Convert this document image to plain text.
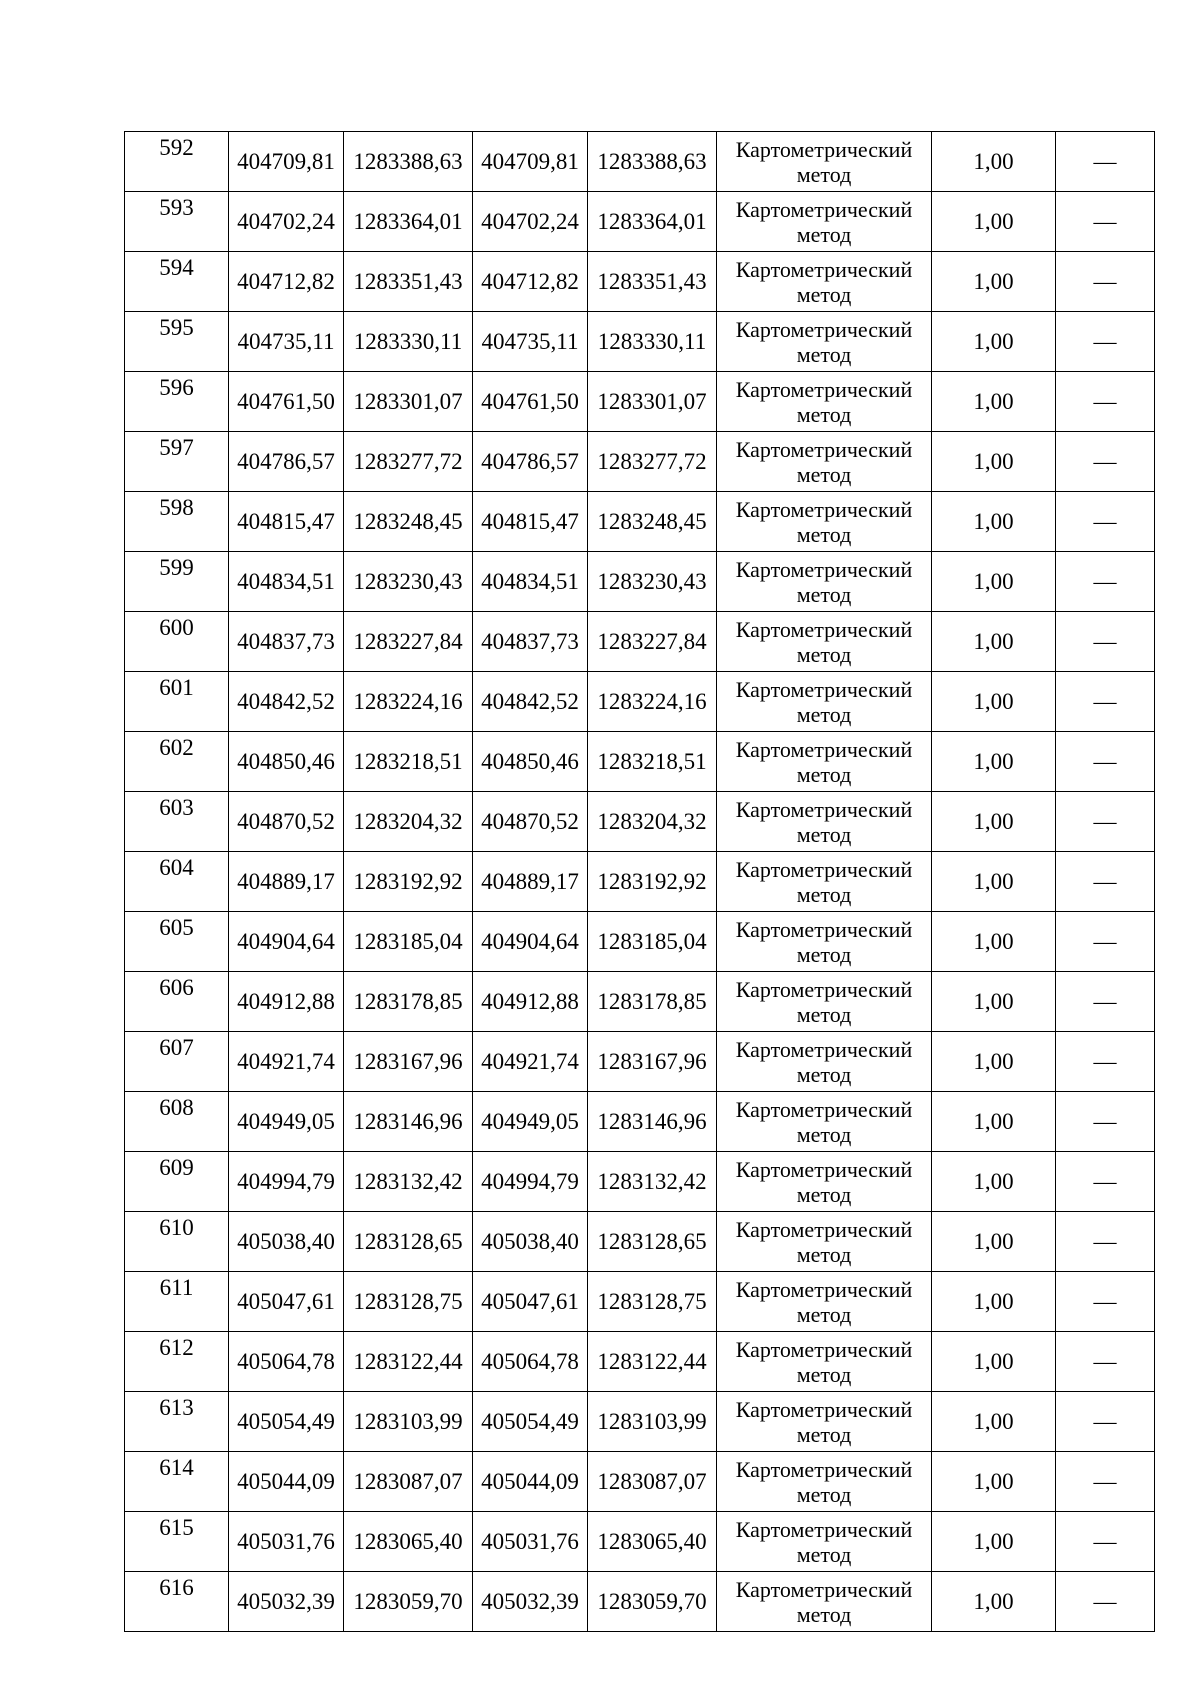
592	404709,81	1283388,63	404709,81	1283388,63	Картометрический метод	1,00	—
593	404702,24	1283364,01	404702,24	1283364,01	Картометрический метод	1,00	—
594	404712,82	1283351,43	404712,82	1283351,43	Картометрический метод	1,00	—
595	404735,11	1283330,11	404735,11	1283330,11	Картометрический метод	1,00	—
596	404761,50	1283301,07	404761,50	1283301,07	Картометрический метод	1,00	—
597	404786,57	1283277,72	404786,57	1283277,72	Картометрический метод	1,00	—
598	404815,47	1283248,45	404815,47	1283248,45	Картометрический метод	1,00	—
599	404834,51	1283230,43	404834,51	1283230,43	Картометрический метод	1,00	—
600	404837,73	1283227,84	404837,73	1283227,84	Картометрический метод	1,00	—
601	404842,52	1283224,16	404842,52	1283224,16	Картометрический метод	1,00	—
602	404850,46	1283218,51	404850,46	1283218,51	Картометрический метод	1,00	—
603	404870,52	1283204,32	404870,52	1283204,32	Картометрический метод	1,00	—
604	404889,17	1283192,92	404889,17	1283192,92	Картометрический метод	1,00	—
605	404904,64	1283185,04	404904,64	1283185,04	Картометрический метод	1,00	—
606	404912,88	1283178,85	404912,88	1283178,85	Картометрический метод	1,00	—
607	404921,74	1283167,96	404921,74	1283167,96	Картометрический метод	1,00	—
608	404949,05	1283146,96	404949,05	1283146,96	Картометрический метод	1,00	—
609	404994,79	1283132,42	404994,79	1283132,42	Картометрический метод	1,00	—
610	405038,40	1283128,65	405038,40	1283128,65	Картометрический метод	1,00	—
611	405047,61	1283128,75	405047,61	1283128,75	Картометрический метод	1,00	—
612	405064,78	1283122,44	405064,78	1283122,44	Картометрический метод	1,00	—
613	405054,49	1283103,99	405054,49	1283103,99	Картометрический метод	1,00	—
614	405044,09	1283087,07	405044,09	1283087,07	Картометрический метод	1,00	—
615	405031,76	1283065,40	405031,76	1283065,40	Картометрический метод	1,00	—
616	405032,39	1283059,70	405032,39	1283059,70	Картометрический метод	1,00	—
